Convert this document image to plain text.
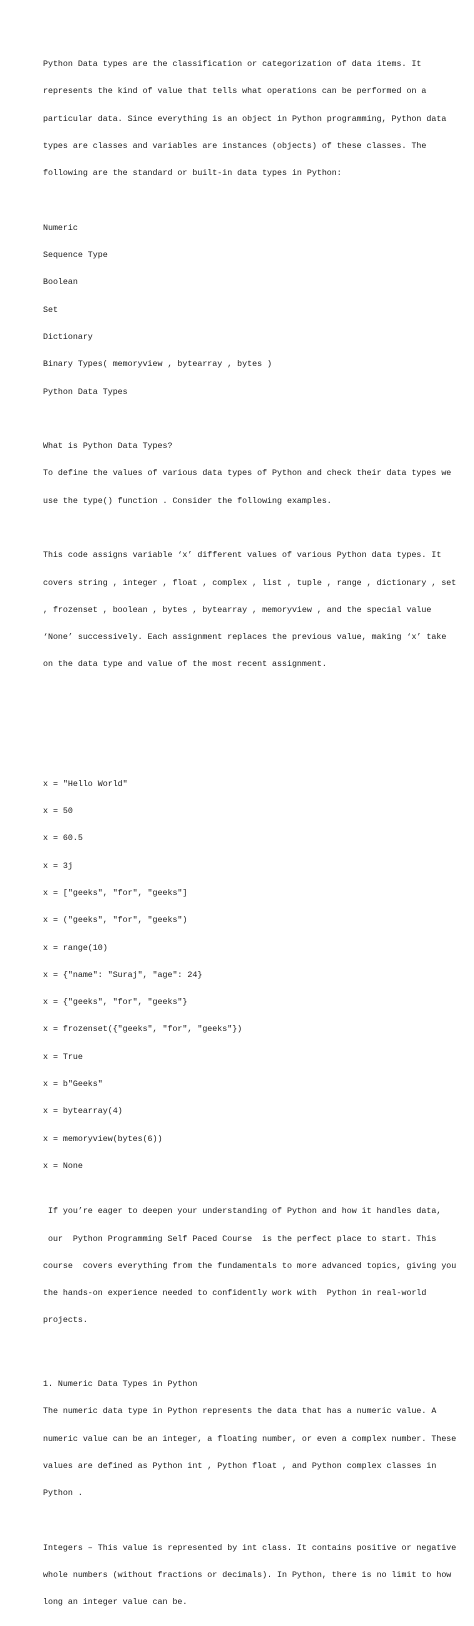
Python Data types are the classification or categorization of data items. It

represents the kind of value that tells what operations can be performed on a

particular data. Since everything is an object in Python programming, Python data

types are classes and variables are instances (objects) of these classes. The

following are the standard or built-in data types in Python:

Numeric

Sequence Type

Boolean

Set

Dictionary

Binary Types( memoryview , bytearray , bytes )

Python Data Types

What is Python Data Types?

To define the values of various data types of Python and check their data types we

use the type() function . Consider the following examples.

This code assigns variable ‘x’ different values of various Python data types. It

covers string , integer , float , complex , list , tuple , range , dictionary , set

, frozenset , boolean , bytes , bytearray , memoryview , and the special value

‘None’ successively. Each assignment replaces the previous value, making ‘x’ take

on the data type and value of the most recent assignment.

x = "Hello World"

x = 50

x = 60.5

x = 3j

x = ["geeks", "for", "geeks"]

x = ("geeks", "for", "geeks")

x = range(10)

x = {"name": "Suraj", "age": 24}

x = {"geeks", "for", "geeks"}

x = frozenset({"geeks", "for", "geeks"})

x = True

x = b"Geeks"

x = bytearray(4)

x = memoryview(bytes(6))

x = None

If you’re eager to deepen your understanding of Python and how it handles data,

our  Python Programming Self Paced Course  is the perfect place to start. This

course  covers everything from the fundamentals to more advanced topics, giving you

the hands-on experience needed to confidently work with  Python in real-world

projects.

1. Numeric Data Types in Python

The numeric data type in Python represents the data that has a numeric value. A

numeric value can be an integer, a floating number, or even a complex number. These

values are defined as Python int , Python float , and Python complex classes in

Python .

Integers – This value is represented by int class. It contains positive or negative

whole numbers (without fractions or decimals). In Python, there is no limit to how

long an integer value can be.
